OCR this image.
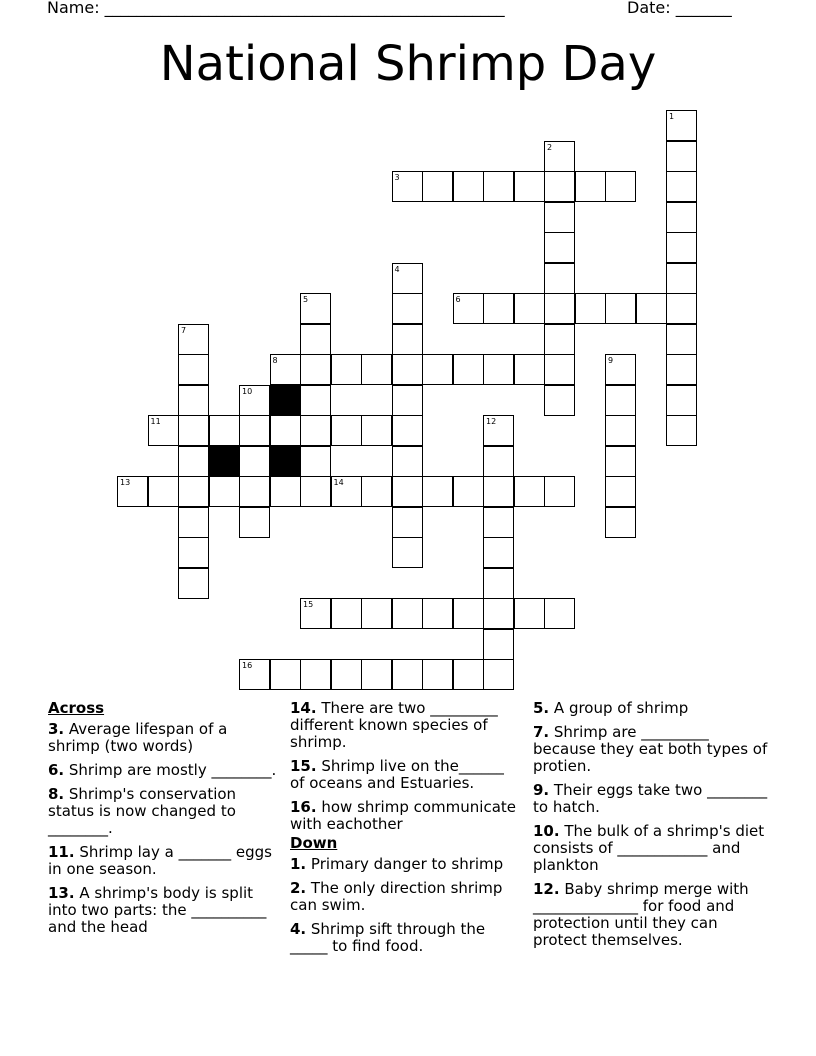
Name: __________________________________________________	Date: _______
National Shrimp Day
1
2
3
4
5	6
7
8	9
10
11	12
13	14
15
16
Across
3. Average lifespan of a shrimp (two words)
6. Shrimp are mostly ________.
8. Shrimp's conservation status is now changed to ________.
11. Shrimp lay a _______ eggs in one season.
13. A shrimp's body is split into two parts: the __________ and the head
14. There are two _________ different known species of shrimp.
15. Shrimp live on the______ of oceans and Estuaries.
16. how shrimp communicate with eachother
Down
1. Primary danger to shrimp
2. The only direction shrimp can swim.
4. Shrimp sift through the _____ to find food.
5. A group of shrimp
7. Shrimp are _________ because they eat both types of protien.
9. Their eggs take two ________ to hatch.
10. The bulk of a shrimp's diet consists of ____________ and plankton
12. Baby shrimp merge with ______________ for food and protection until they can protect themselves.
